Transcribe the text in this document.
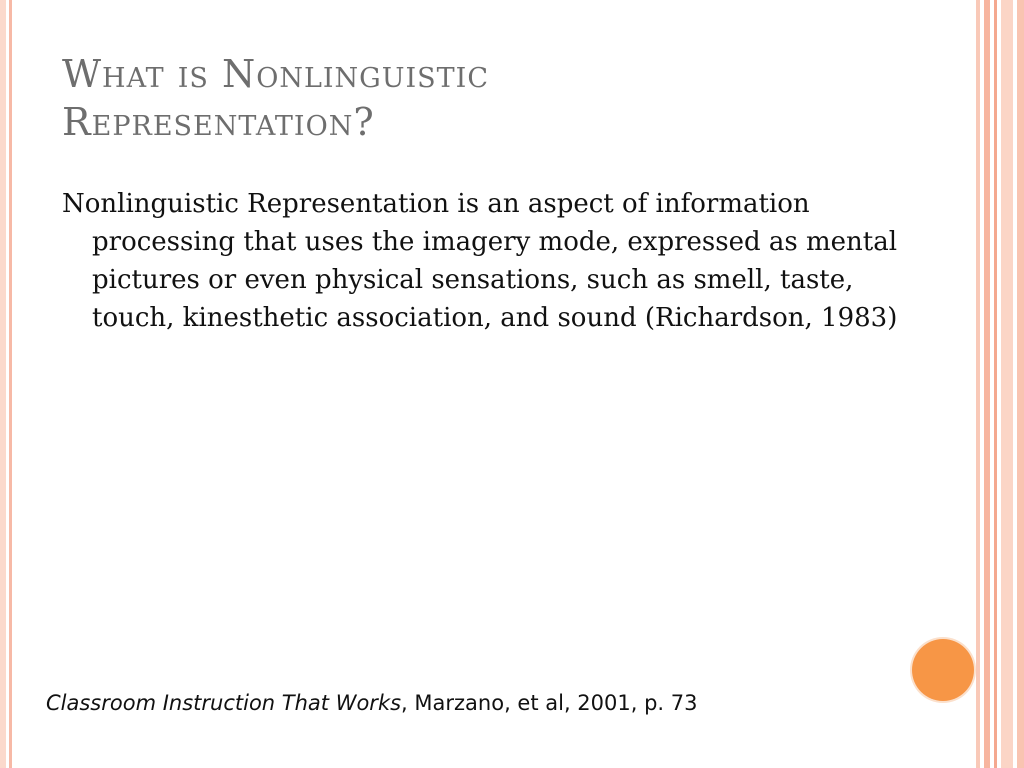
What is Nonlinguistic
Representation?

Nonlinguistic Representation is an aspect of information processing that uses the imagery mode, expressed as mental pictures or even physical sensations, such as smell, taste, touch, kinesthetic association, and sound (Richardson, 1983)

Classroom Instruction That Works, Marzano, et al, 2001, p. 73
